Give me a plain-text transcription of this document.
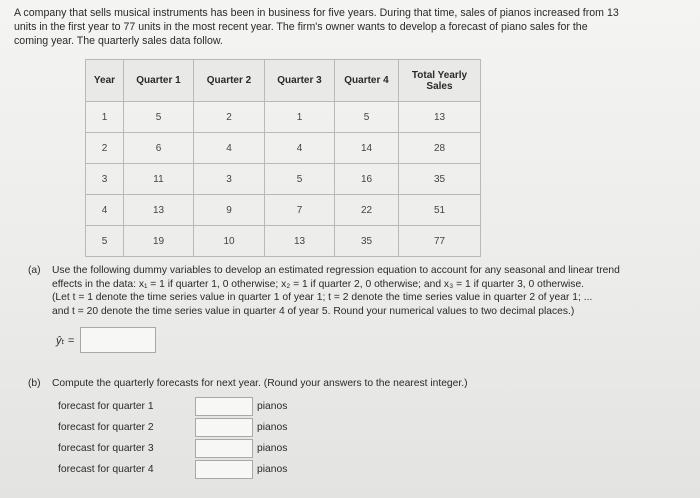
A company that sells musical instruments has been in business for five years. During that time, sales of pianos increased from 13
units in the first year to 77 units in the most recent year. The firm's owner wants to develop a forecast of piano sales for the
coming year. The quarterly sales data follow.
Year	Quarter 1	Quarter 2	Quarter 3	Quarter 4	Total Yearly Sales
1	5	2	1	5	13
2	6	4	4	14	28
3	11	3	5	16	35
4	13	9	7	22	51
5	19	10	13	35	77
(a) Use the following dummy variables to develop an estimated regression equation to account for any seasonal and linear trend
effects in the data: x₁ = 1 if quarter 1, 0 otherwise; x₂ = 1 if quarter 2, 0 otherwise; and x₃ = 1 if quarter 3, 0 otherwise.
(Let t = 1 denote the time series value in quarter 1 of year 1; t = 2 denote the time series value in quarter 2 of year 1; ...
and t = 20 denote the time series value in quarter 4 of year 5. Round your numerical values to two decimal places.)
ŷₜ =
(b) Compute the quarterly forecasts for next year. (Round your answers to the nearest integer.)
forecast for quarter 1	pianos
forecast for quarter 2	pianos
forecast for quarter 3	pianos
forecast for quarter 4	pianos
